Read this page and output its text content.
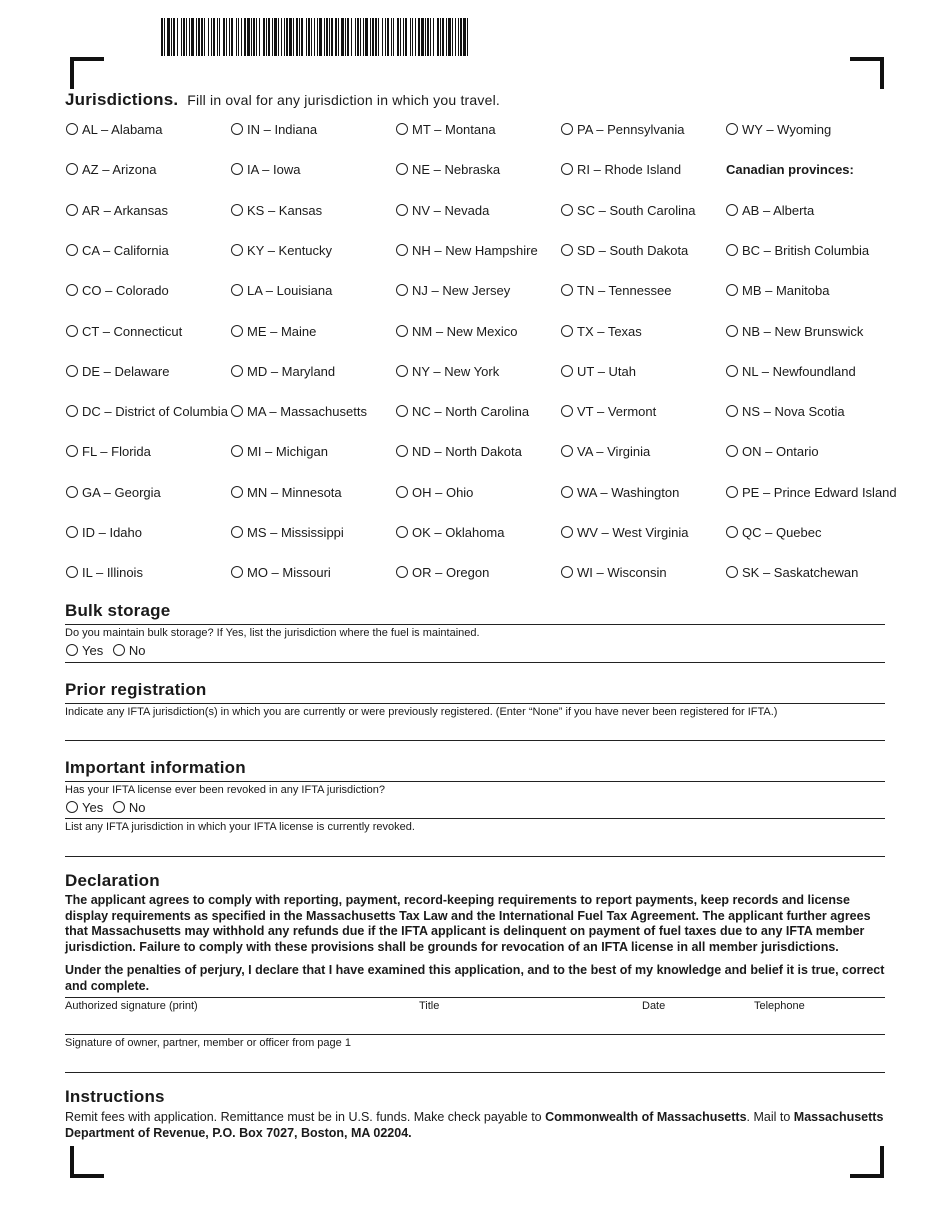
Jurisdictions. Fill in oval for any jurisdiction in which you travel.
AL – Alabama
AZ – Arizona
AR – Arkansas
CA – California
CO – Colorado
CT – Connecticut
DE – Delaware
DC – District of Columbia
FL – Florida
GA – Georgia
ID – Idaho
IL – Illinois
IN – Indiana
IA – Iowa
KS – Kansas
KY – Kentucky
LA – Louisiana
ME – Maine
MD – Maryland
MA – Massachusetts
MI – Michigan
MN – Minnesota
MS – Mississippi
MO – Missouri
MT – Montana
NE – Nebraska
NV – Nevada
NH – New Hampshire
NJ – New Jersey
NM – New Mexico
NY – New York
NC – North Carolina
ND – North Dakota
OH – Ohio
OK – Oklahoma
OR – Oregon
PA – Pennsylvania
RI – Rhode Island
SC – South Carolina
SD – South Dakota
TN – Tennessee
TX – Texas
UT – Utah
VT – Vermont
VA – Virginia
WA – Washington
WV – West Virginia
WI – Wisconsin
WY – Wyoming
Canadian provinces:
AB – Alberta
BC – British Columbia
MB – Manitoba
NB – New Brunswick
NL – Newfoundland
NS – Nova Scotia
ON – Ontario
PE – Prince Edward Island
QC – Quebec
SK – Saskatchewan
Bulk storage
Do you maintain bulk storage? If Yes, list the jurisdiction where the fuel is maintained.
Yes No
Prior registration
Indicate any IFTA jurisdiction(s) in which you are currently or were previously registered. (Enter “None” if you have never been registered for IFTA.)
Important information
Has your IFTA license ever been revoked in any IFTA jurisdiction?
Yes No
List any IFTA jurisdiction in which your IFTA license is currently revoked.
Declaration
The applicant agrees to comply with reporting, payment, record-keeping requirements to report payments, keep records and license display requirements as specified in the Massachusetts Tax Law and the International Fuel Tax Agreement. The applicant further agrees that Massachusetts may withhold any refunds due if the IFTA applicant is delinquent on payment of fuel taxes due to any IFTA member jurisdiction. Failure to comply with these provisions shall be grounds for revocation of an IFTA license in all member jurisdictions.
Under the penalties of perjury, I declare that I have examined this application, and to the best of my knowledge and belief it is true, correct and complete.
Authorized signature (print)	Title	Date	Telephone
Signature of owner, partner, member or officer from page 1
Instructions
Remit fees with application. Remittance must be in U.S. funds. Make check payable to Commonwealth of Massachusetts. Mail to Massachusetts Department of Revenue, P.O. Box 7027, Boston, MA 02204.
